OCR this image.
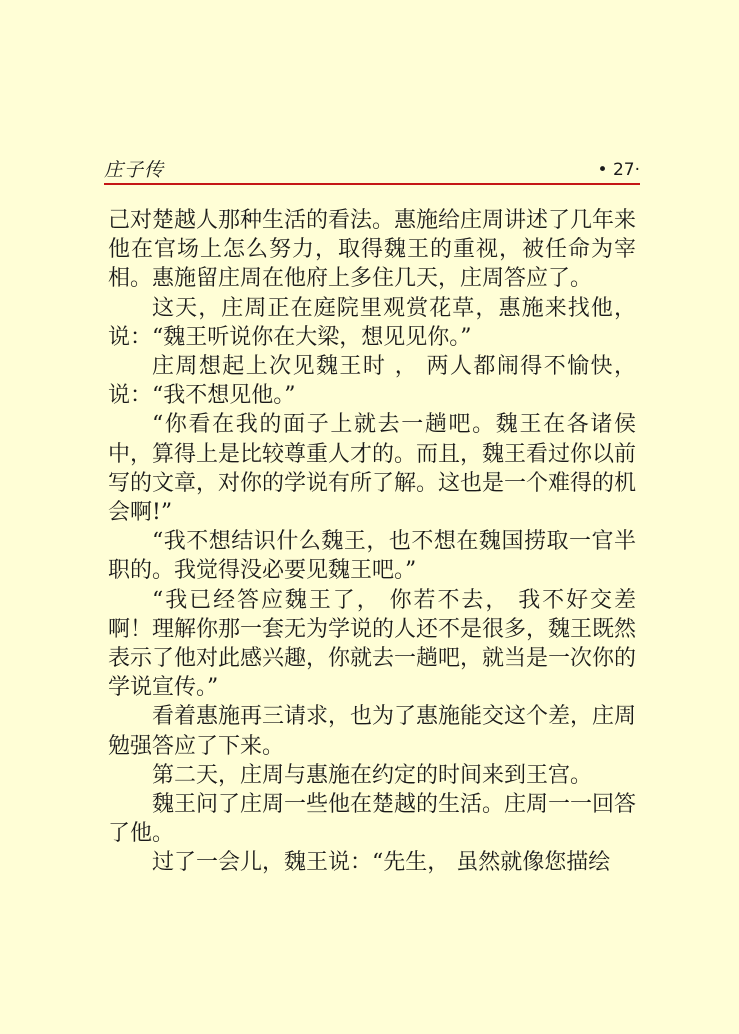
庄子传	• 27·

己对楚越人那种生活的看法。惠施给庄周讲述了几年来他在官场上怎么努力，取得魏王的重视，被任命为宰相。惠施留庄周在他府上多住几天，庄周答应了。

这天，庄周正在庭院里观赏花草，惠施来找他，说：“魏王听说你在大梁，想见见你。”

庄周想起上次见魏王时 ， 两人都闹得不愉快，说：“我不想见他。”

“你看在我的面子上就去一趟吧。魏王在各诸侯中，算得上是比较尊重人才的。而且，魏王看过你以前写的文章，对你的学说有所了解。这也是一个难得的机会啊!”

“我不想结识什么魏王，也不想在魏国捞取一官半职的。我觉得没必要见魏王吧。”

“我已经答应魏王了， 你若不去， 我不好交差啊！理解你那一套无为学说的人还不是很多，魏王既然表示了他对此感兴趣，你就去一趟吧，就当是一次你的学说宣传。”

看着惠施再三请求，也为了惠施能交这个差，庄周勉强答应了下来。

第二天，庄周与惠施在约定的时间来到王宫。

魏王问了庄周一些他在楚越的生活。庄周一一回答了他。

过了一会儿，魏王说：“先生， 虽然就像您描绘
